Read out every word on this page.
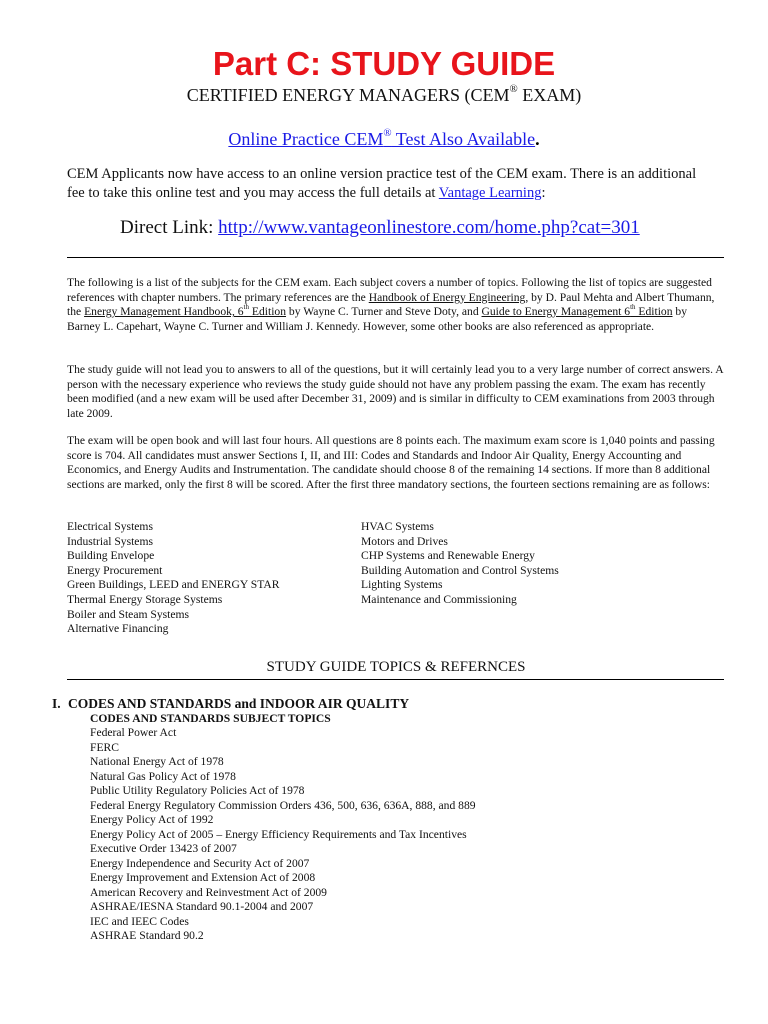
Part C: STUDY GUIDE
CERTIFIED ENERGY MANAGERS (CEM® EXAM)
Online Practice CEM® Test Also Available.

CEM Applicants now have access to an online version practice test of the CEM exam. There is an additional fee to take this online test and you may access the full details at Vantage Learning:

Direct Link: http://www.vantageonlinestore.com/home.php?cat=301

The following is a list of the subjects for the CEM exam. Each subject covers a number of topics. Following the list of topics are suggested references with chapter numbers. The primary references are the Handbook of Energy Engineering, by D. Paul Mehta and Albert Thumann, the Energy Management Handbook, 6th Edition by Wayne C. Turner and Steve Doty, and Guide to Energy Management 6th Edition by Barney L. Capehart, Wayne C. Turner and William J. Kennedy. However, some other books are also referenced as appropriate.

The study guide will not lead you to answers to all of the questions, but it will certainly lead you to a very large number of correct answers. A person with the necessary experience who reviews the study guide should not have any problem passing the exam. The exam has recently been modified (and a new exam will be used after December 31, 2009) and is similar in difficulty to CEM examinations from 2003 through late 2009.

The exam will be open book and will last four hours. All questions are 8 points each. The maximum exam score is 1,040 points and passing score is 704. All candidates must answer Sections I, II, and III: Codes and Standards and Indoor Air Quality, Energy Accounting and Economics, and Energy Audits and Instrumentation. The candidate should choose 8 of the remaining 14 sections. If more than 8 additional sections are marked, only the first 8 will be scored. After the first three mandatory sections, the fourteen sections remaining are as follows:

Electrical Systems
Industrial Systems
Building Envelope
Energy Procurement
Green Buildings, LEED and ENERGY STAR
Thermal Energy Storage Systems
Boiler and Steam Systems
Alternative Financing
HVAC Systems
Motors and Drives
CHP Systems and Renewable Energy
Building Automation and Control Systems
Lighting Systems
Maintenance and Commissioning
STUDY GUIDE TOPICS & REFERNCES
I. CODES AND STANDARDS and INDOOR AIR QUALITY
CODES AND STANDARDS SUBJECT TOPICS
Federal Power Act
FERC
National Energy Act of 1978
Natural Gas Policy Act of 1978
Public Utility Regulatory Policies Act of 1978
Federal Energy Regulatory Commission Orders 436, 500, 636, 636A, 888, and 889
Energy Policy Act of 1992
Energy Policy Act of 2005 – Energy Efficiency Requirements and Tax Incentives
Executive Order 13423 of 2007
Energy Independence and Security Act of 2007
Energy Improvement and Extension Act of 2008
American Recovery and Reinvestment Act of 2009
ASHRAE/IESNA Standard 90.1-2004 and 2007
IEC and IEEC Codes
ASHRAE Standard 90.2
